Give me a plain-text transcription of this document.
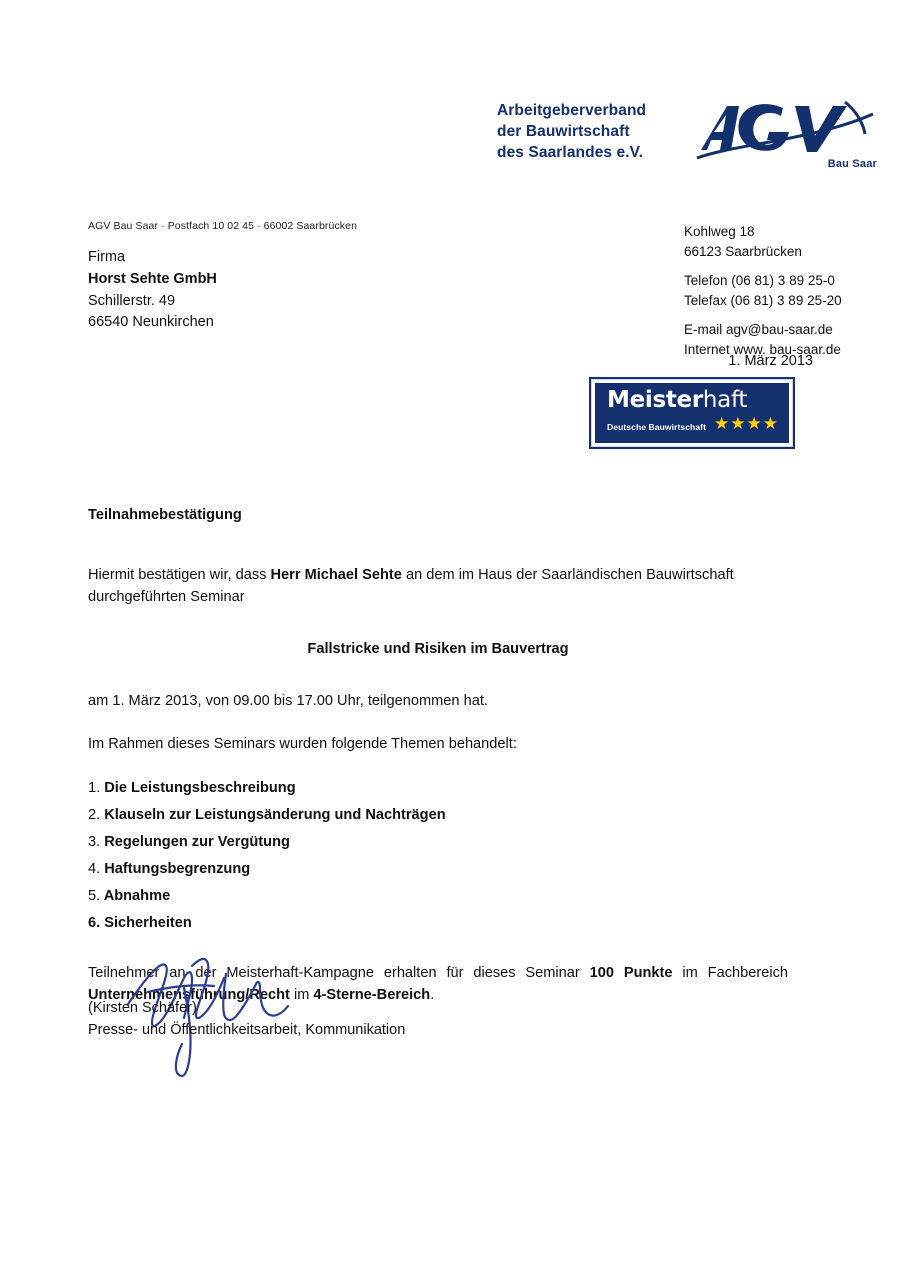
Arbeitgeberverband
der Bauwirtschaft
des Saarlandes e.V.
Bau Saar
AGV Bau Saar · Postfach 10 02 45 · 66002 Saarbrücken
Firma
Horst Sehte GmbH
Schillerstr. 49
66540 Neunkirchen
Kohlweg 18
66123 Saarbrücken
Telefon (06 81) 3 89 25-0
Telefax (06 81) 3 89 25-20
E-mail agv@bau-saar.de
Internet www. bau-saar.de
1. März 2013
Meisterhaft
Deutsche Bauwirtschaft ★★★★
Teilnahmebestätigung
Hiermit bestätigen wir, dass Herr Michael Sehte an dem im Haus der Saarländischen Bauwirtschaft durchgeführten Seminar
Fallstricke und Risiken im Bauvertrag
am 1. März 2013, von 09.00 bis 17.00 Uhr, teilgenommen hat.
Im Rahmen dieses Seminars wurden folgende Themen behandelt:
1. Die Leistungsbeschreibung
2. Klauseln zur Leistungsänderung und Nachträgen
3. Regelungen zur Vergütung
4. Haftungsbegrenzung
5. Abnahme
6. Sicherheiten
Teilnehmer an der Meisterhaft-Kampagne erhalten für dieses Seminar 100 Punkte im Fachbereich Unternehmensführung/Recht im 4-Sterne-Bereich.
(Kirsten Schäfer)
Presse- und Öffentlichkeitsarbeit, Kommunikation
